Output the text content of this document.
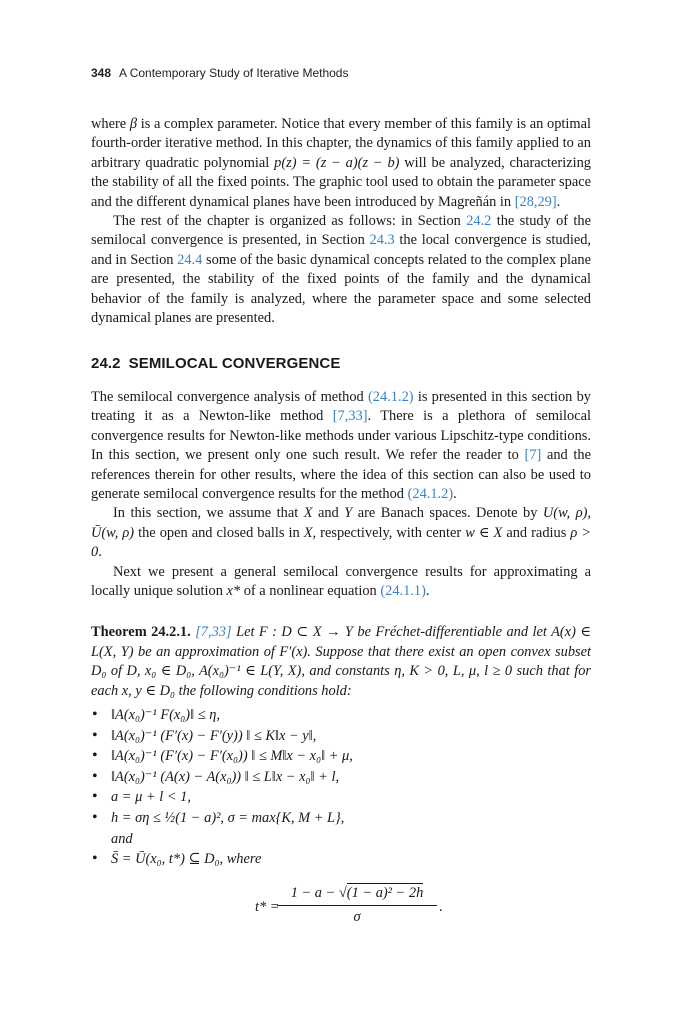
348 A Contemporary Study of Iterative Methods

where β is a complex parameter. Notice that every member of this family is an optimal fourth-order iterative method. In this chapter, the dynamics of this family applied to an arbitrary quadratic polynomial p(z) = (z − a)(z − b) will be analyzed, characterizing the stability of all the fixed points. The graphic tool used to obtain the parameter space and the different dynamical planes have been introduced by Magreñán in [28,29].

The rest of the chapter is organized as follows: in Section 24.2 the study of the semilocal convergence is presented, in Section 24.3 the local convergence is studied, and in Section 24.4 some of the basic dynamical concepts related to the complex plane are presented, the stability of the fixed points of the family and the dynamical behavior of the family is analyzed, where the parameter space and some selected dynamical planes are presented.

24.2 SEMILOCAL CONVERGENCE

The semilocal convergence analysis of method (24.1.2) is presented in this section by treating it as a Newton-like method [7,33]. There is a plethora of semilocal convergence results for Newton-like methods under various Lipschitz-type conditions. In this section, we present only one such result. We refer the reader to [7] and the references therein for other results, where the idea of this section can also be used to generate semilocal convergence results for the method (24.1.2).

In this section, we assume that X and Y are Banach spaces. Denote by U(w, ρ), Ū(w, ρ) the open and closed balls in X, respectively, with center w ∈ X and radius ρ > 0.

Next we present a general semilocal convergence results for approximating a locally unique solution x* of a nonlinear equation (24.1.1).

Theorem 24.2.1. [7,33] Let F : D ⊂ X → Y be Fréchet-differentiable and let A(x) ∈ L(X, Y) be an approximation of F′(x). Suppose that there exist an open convex subset D₀ of D, x₀ ∈ D₀, A(x₀)⁻¹ ∈ L(Y, X), and constants η, K > 0, L, μ, l ≥ 0 such that for each x, y ∈ D₀ the following conditions hold:

• ‖A(x₀)⁻¹ F(x₀)‖ ≤ η,
• ‖A(x₀)⁻¹ (F′(x) − F′(y)) ‖ ≤ K‖x − y‖,
• ‖A(x₀)⁻¹ (F′(x) − F′(x₀)) ‖ ≤ M‖x − x₀‖ + μ,
• ‖A(x₀)⁻¹ (A(x) − A(x₀)) ‖ ≤ L‖x − x₀‖ + l,
• a = μ + l < 1,
• h = ση ≤ ½(1 − a)², σ = max{K, M + L},
and
• S̄ = Ū(x₀, t*) ⊆ D₀, where
t* =
$\frac{\text{1 − a − √(1 − a)² − 2h}}{\sigma}$ .
